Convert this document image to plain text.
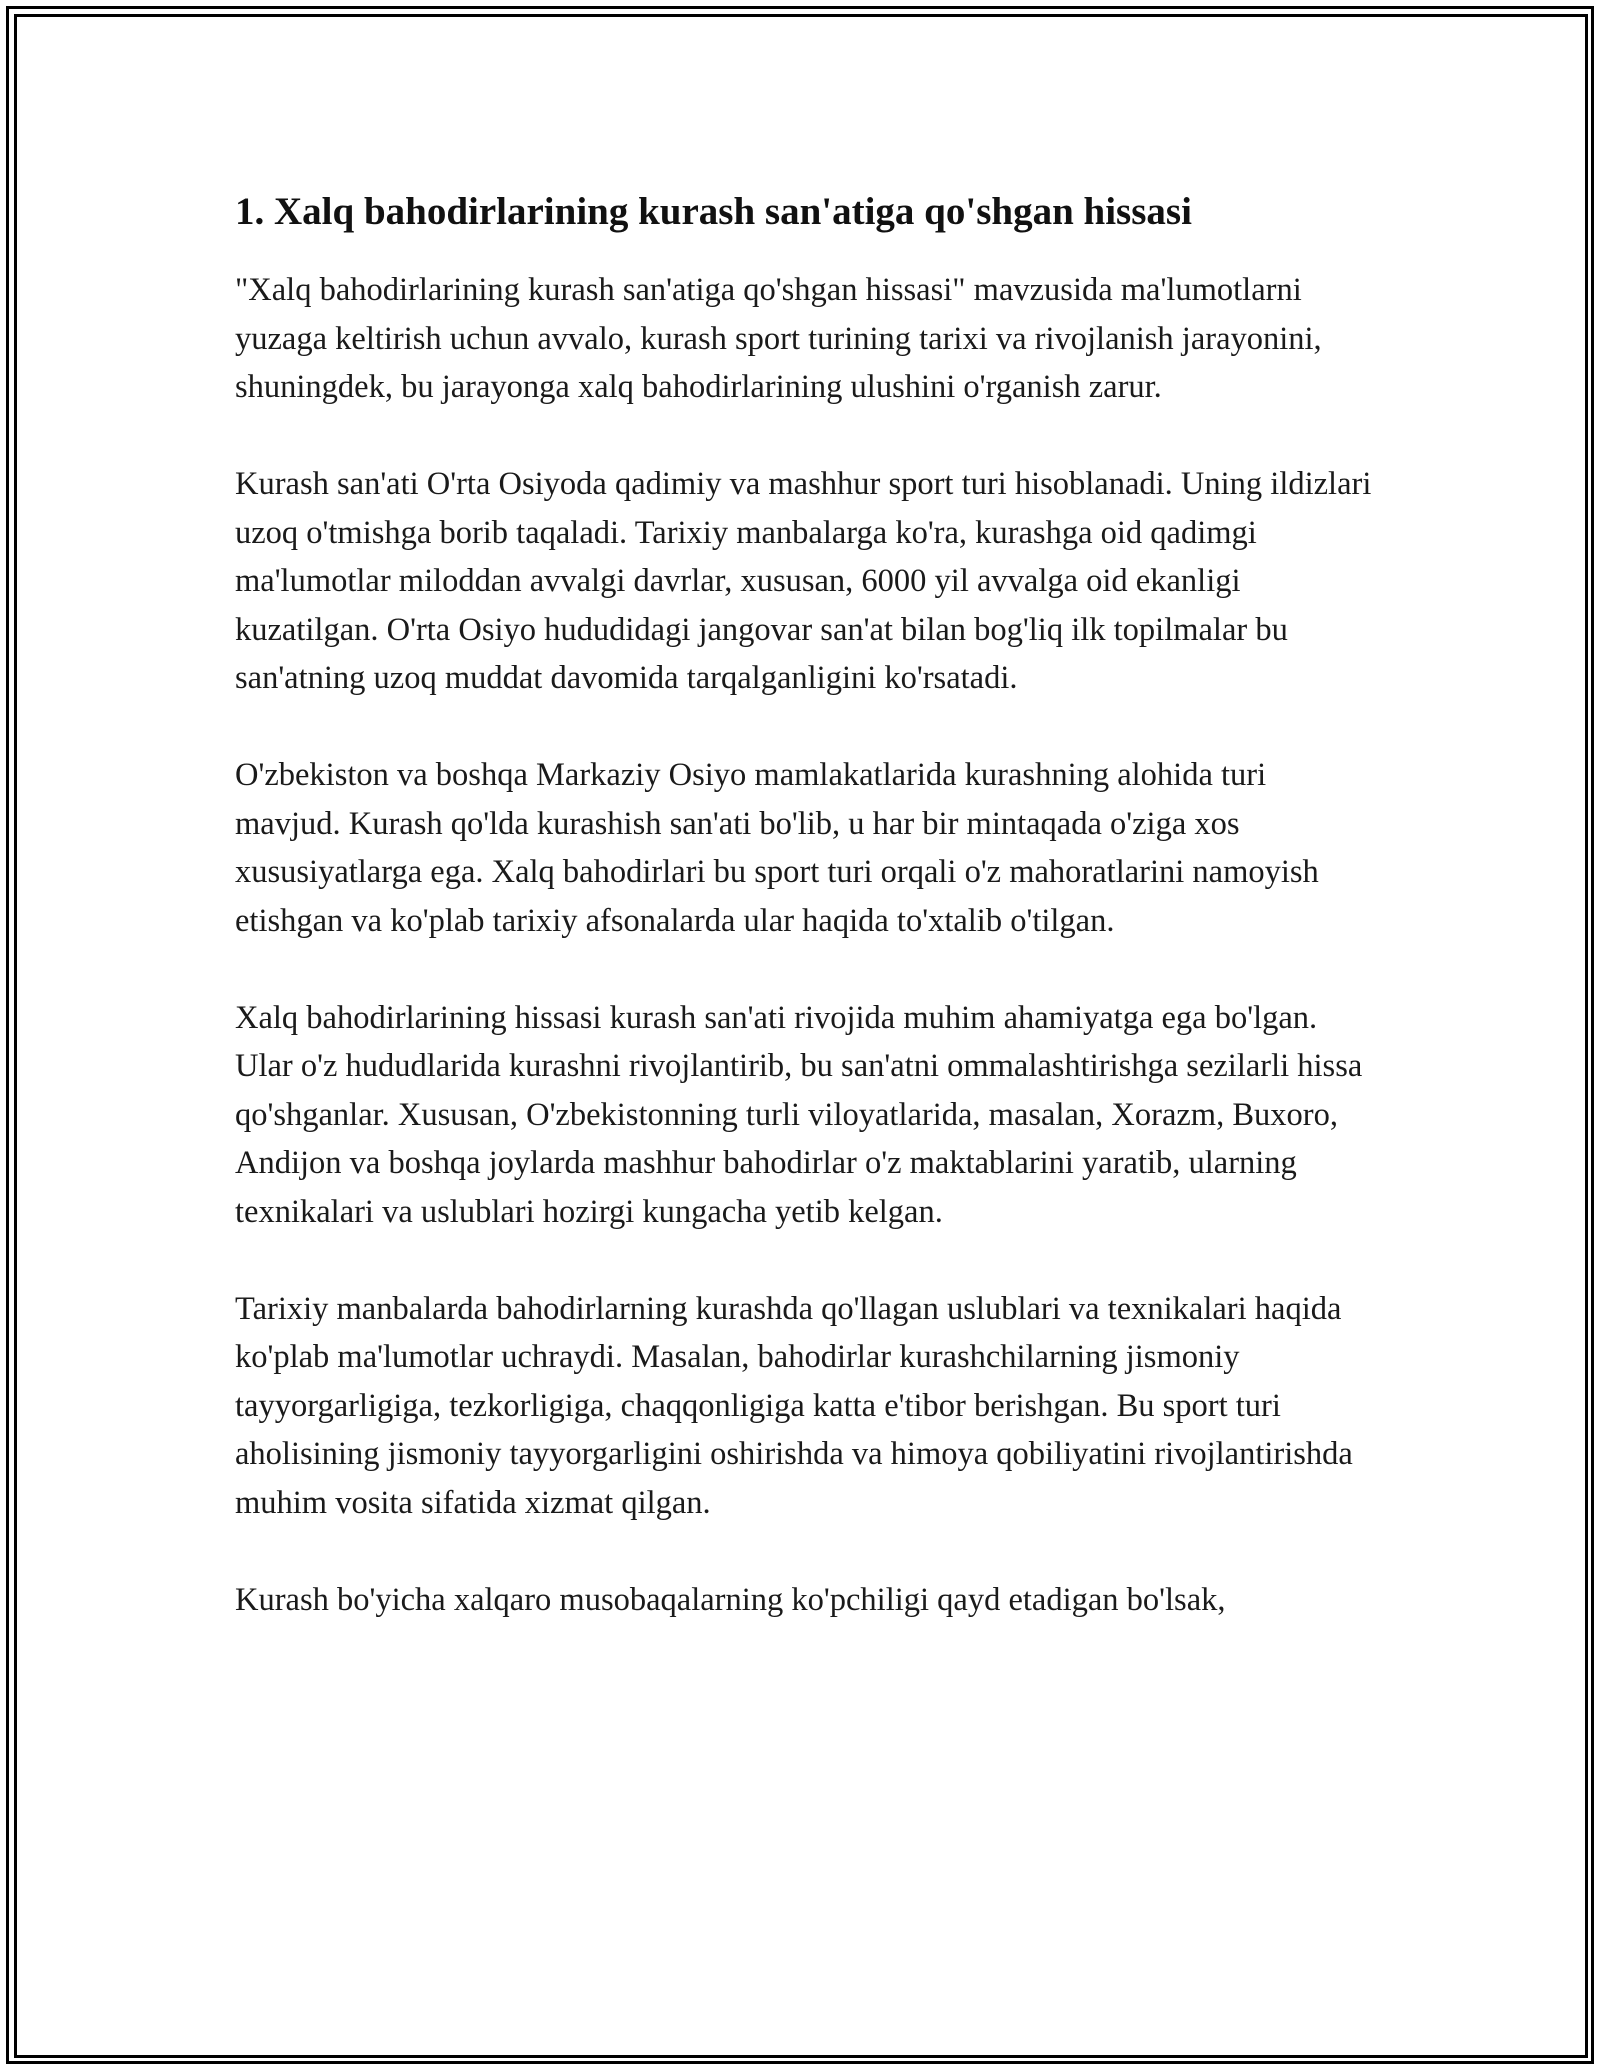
1. Xalq bahodirlarining kurash san'atiga qo'shgan hissasi

"Xalq bahodirlarining kurash san'atiga qo'shgan hissasi" mavzusida ma'lumotlarni yuzaga keltirish uchun avvalo, kurash sport turining tarixi va rivojlanish jarayonini, shuningdek, bu jarayonga xalq bahodirlarining ulushini o'rganish zarur.

Kurash san'ati O'rta Osiyoda qadimiy va mashhur sport turi hisoblanadi. Uning ildizlari uzoq o'tmishga borib taqaladi. Tarixiy manbalarga ko'ra, kurashga oid qadimgi ma'lumotlar miloddan avvalgi davrlar, xususan, 6000 yil avvalga oid ekanligi kuzatilgan. O'rta Osiyo hududidagi jangovar san'at bilan bog'liq ilk topilmalar bu san'atning uzoq muddat davomida tarqalganligini ko'rsatadi.

O'zbekiston va boshqa Markaziy Osiyo mamlakatlarida kurashning alohida turi mavjud. Kurash qo'lda kurashish san'ati bo'lib, u har bir mintaqada o'ziga xos xususiyatlarga ega. Xalq bahodirlari bu sport turi orqali o'z mahoratlarini namoyish etishgan va ko'plab tarixiy afsonalarda ular haqida to'xtalib o'tilgan.

Xalq bahodirlarining hissasi kurash san'ati rivojida muhim ahamiyatga ega bo'lgan. Ular o'z hududlarida kurashni rivojlantirib, bu san'atni ommalashtirishga sezilarli hissa qo'shganlar. Xususan, O'zbekistonning turli viloyatlarida, masalan, Xorazm, Buxoro, Andijon va boshqa joylarda mashhur bahodirlar o'z maktablarini yaratib, ularning texnikalari va uslublari hozirgi kungacha yetib kelgan.

Tarixiy manbalarda bahodirlarning kurashda qo'llagan uslublari va texnikalari haqida ko'plab ma'lumotlar uchraydi. Masalan, bahodirlar kurashchilarning jismoniy tayyorgarligiga, tezkorligiga, chaqqonligiga katta e'tibor berishgan. Bu sport turi aholisining jismoniy tayyorgarligini oshirishda va himoya qobiliyatini rivojlantirishda muhim vosita sifatida xizmat qilgan.

Kurash bo'yicha xalqaro musobaqalarning ko'pchiligi qayd etadigan bo'lsak,
